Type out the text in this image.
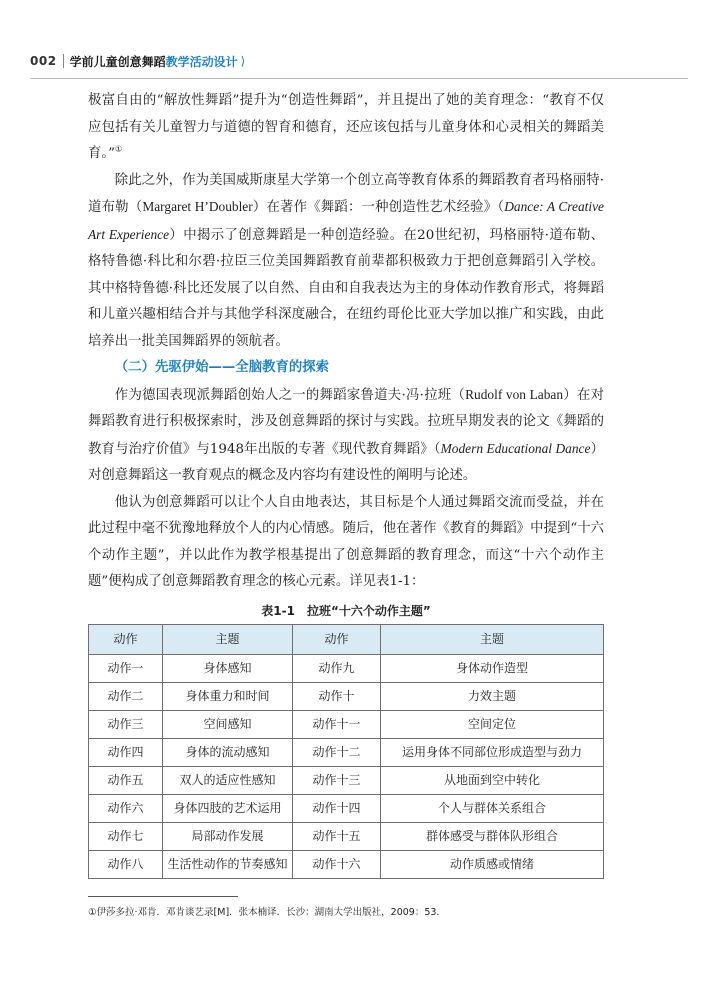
002 学前儿童创意舞蹈教学活动设计 ⟩

极富自由的“解放性舞蹈”提升为“创造性舞蹈”，并且提出了她的美育理念：“教育不仅应包括有关儿童智力与道德的智育和德育，还应该包括与儿童身体和心灵相关的舞蹈美育。”①

除此之外，作为美国威斯康星大学第一个创立高等教育体系的舞蹈教育者玛格丽特·道布勒（Margaret H’Doubler）在著作《舞蹈：一种创造性艺术经验》（Dance: A Creative Art Experience）中揭示了创意舞蹈是一种创造经验。在20世纪初，玛格丽特·道布勒、格特鲁德·科比和尔碧·拉臣三位美国舞蹈教育前辈都积极致力于把创意舞蹈引入学校。其中格特鲁德·科比还发展了以自然、自由和自我表达为主的身体动作教育形式，将舞蹈和儿童兴趣相结合并与其他学科深度融合，在纽约哥伦比亚大学加以推广和实践，由此培养出一批美国舞蹈界的领航者。

（二）先驱伊始——全脑教育的探索

作为德国表现派舞蹈创始人之一的舞蹈家鲁道夫·冯·拉班（Rudolf von Laban）在对舞蹈教育进行积极探索时，涉及创意舞蹈的探讨与实践。拉班早期发表的论文《舞蹈的教育与治疗价值》与1948年出版的专著《现代教育舞蹈》（Modern Educational Dance）对创意舞蹈这一教育观点的概念及内容均有建设性的阐明与论述。

他认为创意舞蹈可以让个人自由地表达，其目标是个人通过舞蹈交流而受益，并在此过程中毫不犹豫地释放个人的内心情感。随后，他在著作《教育的舞蹈》中提到“十六个动作主题”，并以此作为教学根基提出了创意舞蹈的教育理念，而这“十六个动作主题”便构成了创意舞蹈教育理念的核心元素。详见表1-1：

表1-1　拉班“十六个动作主题”
动作	主题	动作	主题
动作一	身体感知	动作九	身体动作造型
动作二	身体重力和时间	动作十	力效主题
动作三	空间感知	动作十一	空间定位
动作四	身体的流动感知	动作十二	运用身体不同部位形成造型与劲力
动作五	双人的适应性感知	动作十三	从地面到空中转化
动作六	身体四肢的艺术运用	动作十四	个人与群体关系组合
动作七	局部动作发展	动作十五	群体感受与群体队形组合
动作八	生活性动作的节奏感知	动作十六	动作质感或情绪
①伊莎多拉·邓肯．邓肯谈艺录[M]．张本楠译．长沙：湖南大学出版社，2009：53.
